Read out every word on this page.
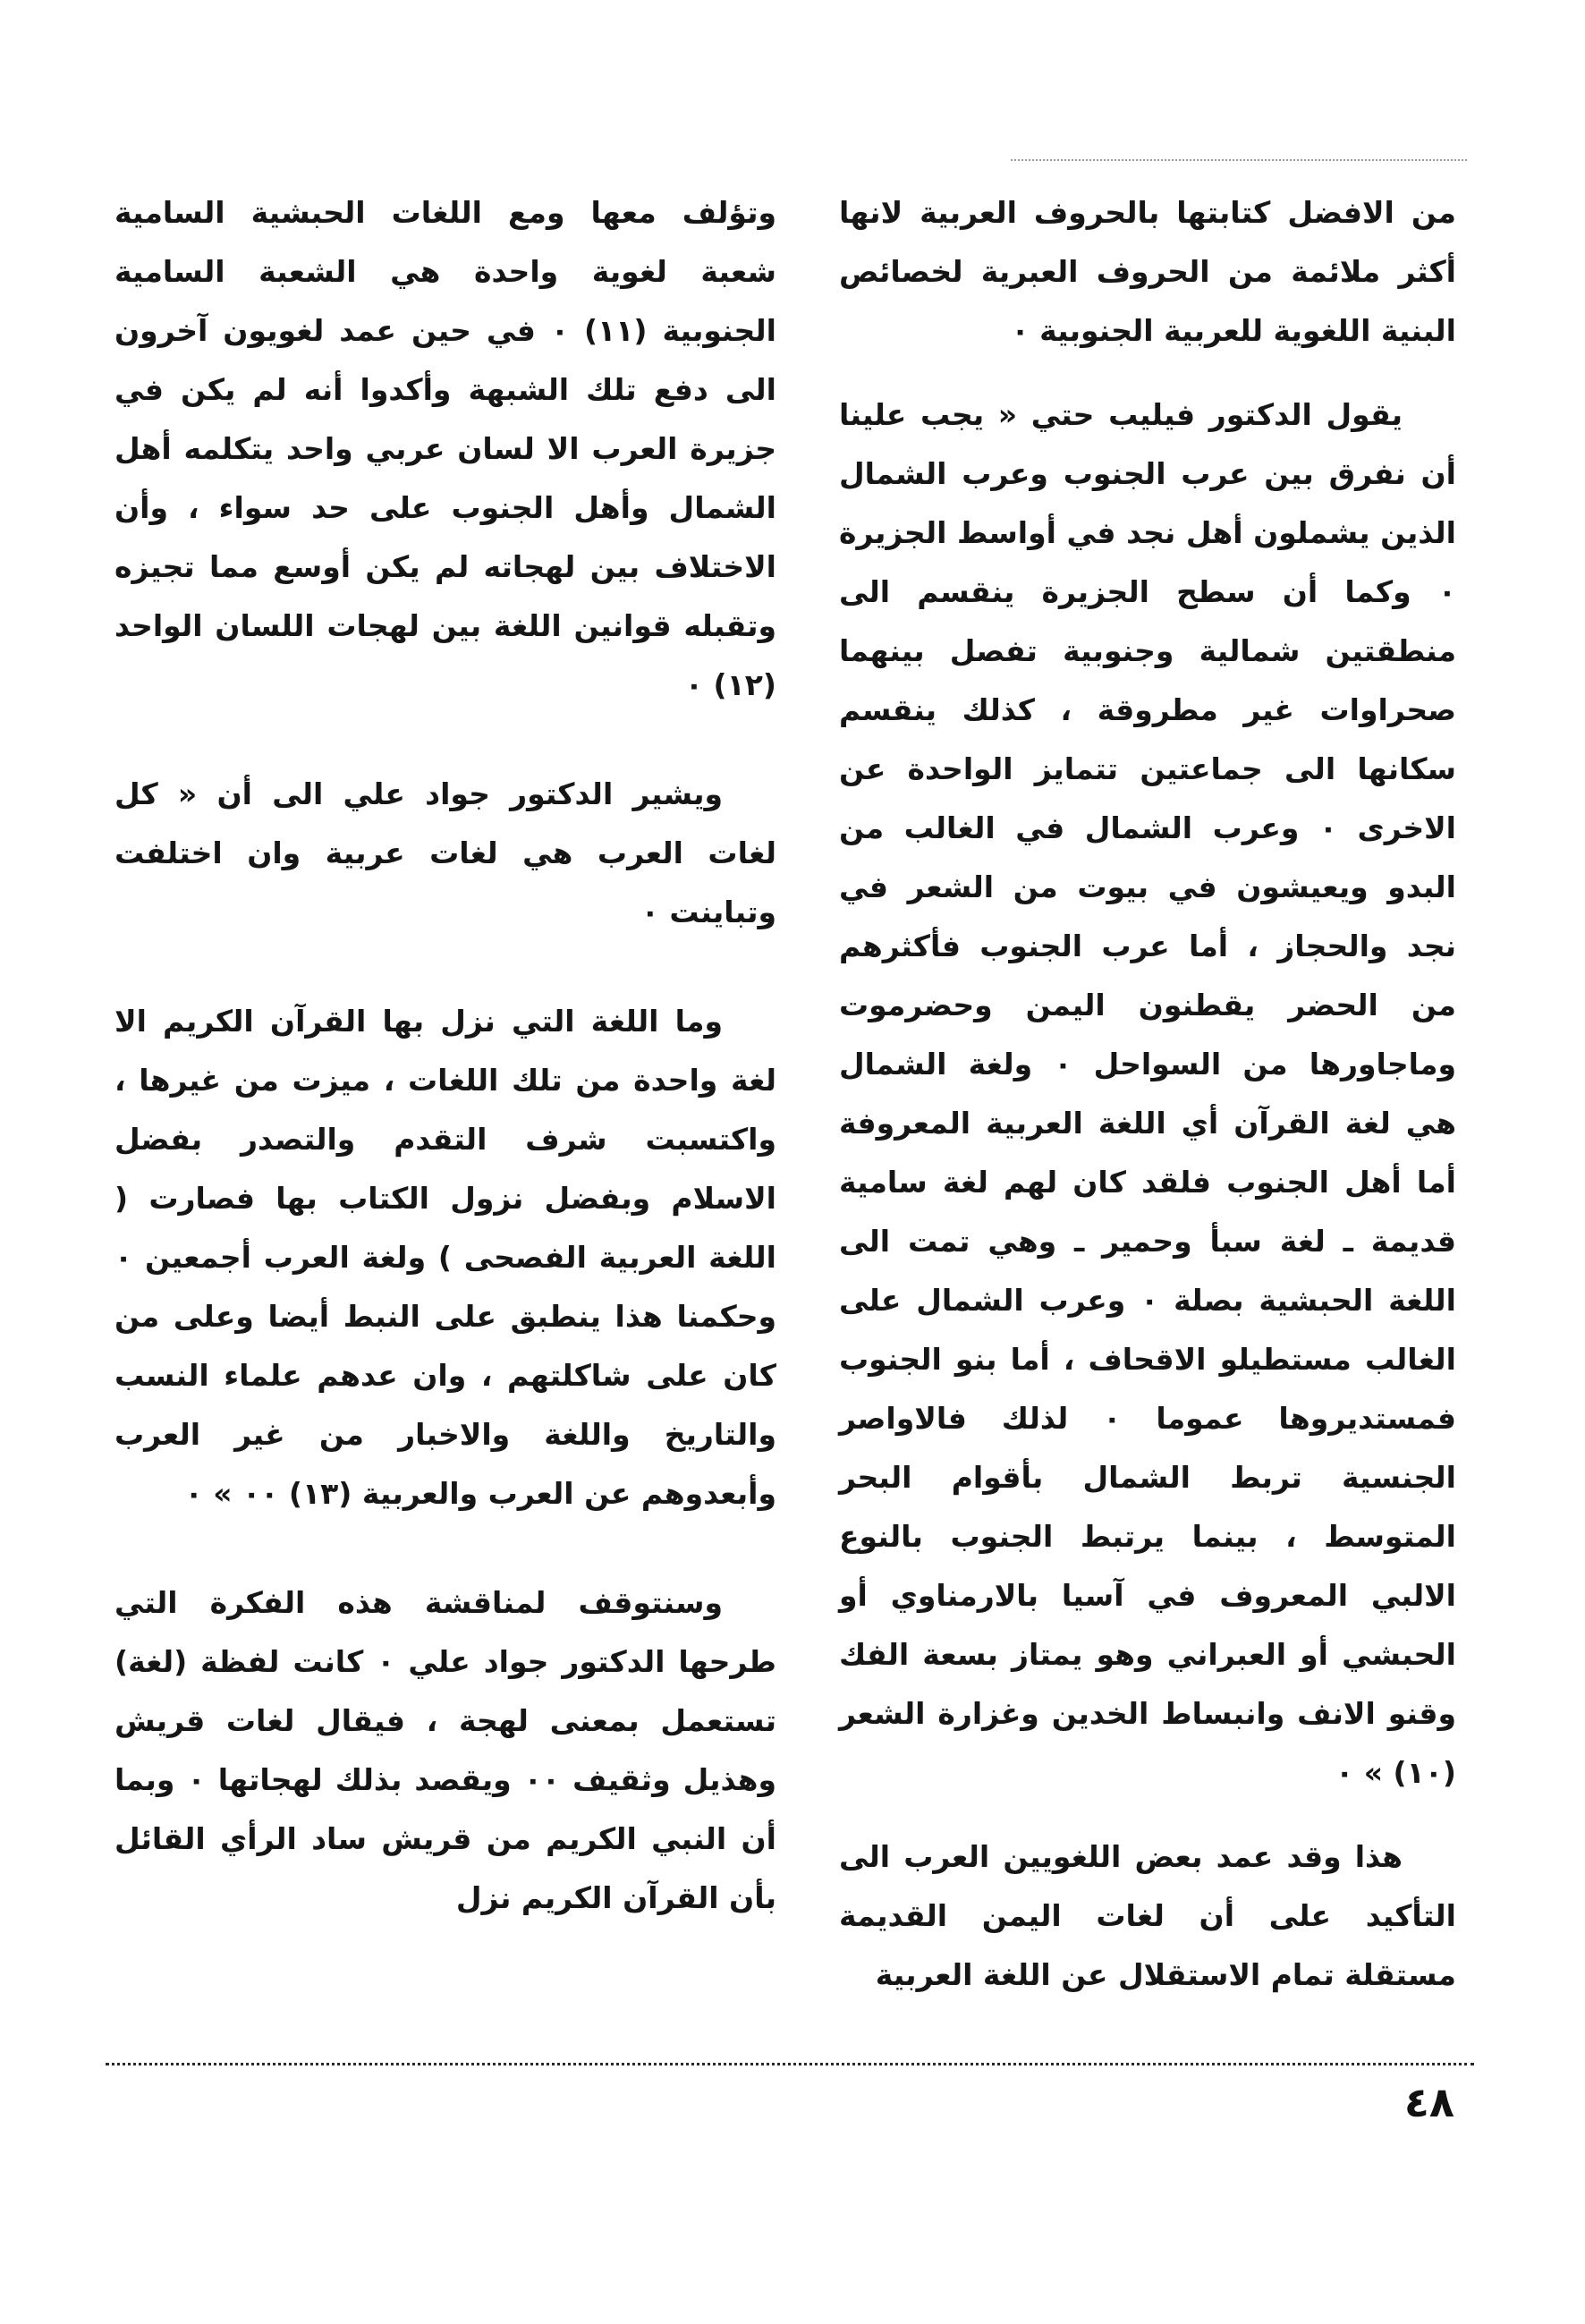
من الافضل كتابتها بالحروف العربية لانها أكثر ملائمة من الحروف العبرية لخصائص البنية اللغوية للعربية الجنوبية ٠

يقول الدكتور فيليب حتي « يجب علينا أن نفرق بين عرب الجنوب وعرب الشمال الذين يشملون أهل نجد في أواسط الجزيرة ٠ وكما أن سطح الجزيرة ينقسم الى منطقتين شمالية وجنوبية تفصل بينهما صحراوات غير مطروقة ، كذلك ينقسم سكانها الى جماعتين تتمايز الواحدة عن الاخرى ٠ وعرب الشمال في الغالب من البدو ويعيشون في بيوت من الشعر في نجد والحجاز ، أما عرب الجنوب فأكثرهم من الحضر يقطنون اليمن وحضرموت وماجاورها من السواحل ٠ ولغة الشمال هي لغة القرآن أي اللغة العربية المعروفة أما أهل الجنوب فلقد كان لهم لغة سامية قديمة ـ لغة سبأ وحمير ـ وهي تمت الى اللغة الحبشية بصلة ٠ وعرب الشمال على الغالب مستطيلو الاقحاف ، أما بنو الجنوب فمستديروها عموما ٠ لذلك فالاواصر الجنسية تربط الشمال بأقوام البحر المتوسط ، بينما يرتبط الجنوب بالنوع الالبي المعروف في آسيا بالارمناوي أو الحبشي أو العبراني وهو يمتاز بسعة الفك وقنو الانف وانبساط الخدين وغزارة الشعر (١٠) » ٠

هذا وقد عمد بعض اللغويين العرب الى التأكيد على أن لغات اليمن القديمة مستقلة تمام الاستقلال عن اللغة العربية

وتؤلف معها ومع اللغات الحبشية السامية شعبة لغوية واحدة هي الشعبة السامية الجنوبية (١١) ٠ في حين عمد لغويون آخرون الى دفع تلك الشبهة وأكدوا أنه لم يكن في جزيرة العرب الا لسان عربي واحد يتكلمه أهل الشمال وأهل الجنوب على حد سواء ، وأن الاختلاف بين لهجاته لم يكن أوسع مما تجيزه وتقبله قوانين اللغة بين لهجات اللسان الواحد (١٢) ٠

ويشير الدكتور جواد علي الى أن « كل لغات العرب هي لغات عربية وان اختلفت وتباينت ٠

وما اللغة التي نزل بها القرآن الكريم الا لغة واحدة من تلك اللغات ، ميزت من غيرها ، واكتسبت شرف التقدم والتصدر بفضل الاسلام وبفضل نزول الكتاب بها فصارت ( اللغة العربية الفصحى ) ولغة العرب أجمعين ٠ وحكمنا هذا ينطبق على النبط أيضا وعلى من كان على شاكلتهم ، وان عدهم علماء النسب والتاريخ واللغة والاخبار من غير العرب وأبعدوهم عن العرب والعربية (١٣) ٠٠ » ٠

وسنتوقف لمناقشة هذه الفكرة التي طرحها الدكتور جواد علي ٠ كانت لفظة (لغة) تستعمل بمعنى لهجة ، فيقال لغات قريش وهذيل وثقيف ٠٠ ويقصد بذلك لهجاتها ٠ وبما أن النبي الكريم من قريش ساد الرأي القائل بأن القرآن الكريم نزل

٤٨
